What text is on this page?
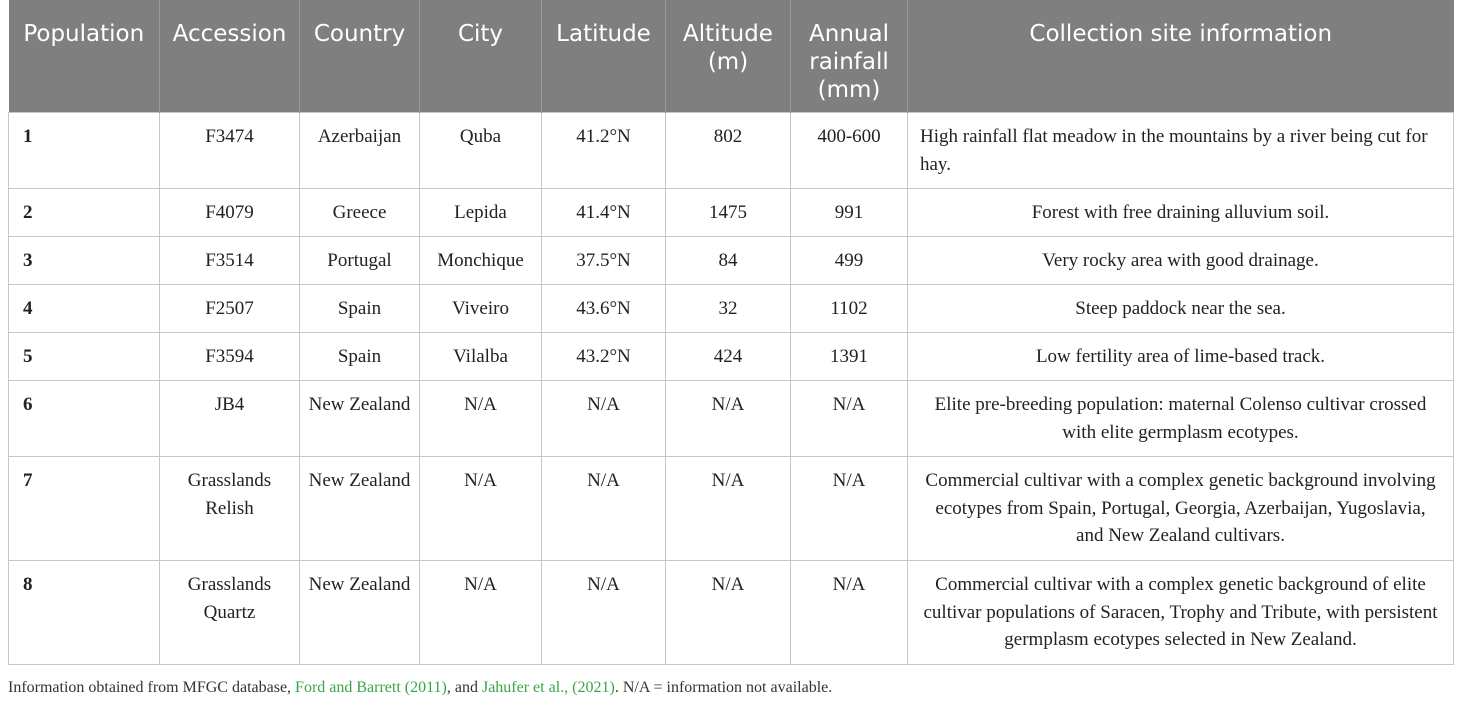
Population	Accession	Country	City	Latitude	Altitude (m)	Annual rainfall (mm)	Collection site information
1	F3474	Azerbaijan	Quba	41.2°N	802	400-600	High rainfall flat meadow in the mountains by a river being cut for hay.
2	F4079	Greece	Lepida	41.4°N	1475	991	Forest with free draining alluvium soil.
3	F3514	Portugal	Monchique	37.5°N	84	499	Very rocky area with good drainage.
4	F2507	Spain	Viveiro	43.6°N	32	1102	Steep paddock near the sea.
5	F3594	Spain	Vilalba	43.2°N	424	1391	Low fertility area of lime-based track.
6	JB4	New Zealand	N/A	N/A	N/A	N/A	Elite pre-breeding population: maternal Colenso cultivar crossed with elite germplasm ecotypes.
7	Grasslands Relish	New Zealand	N/A	N/A	N/A	N/A	Commercial cultivar with a complex genetic background involving ecotypes from Spain, Portugal, Georgia, Azerbaijan, Yugoslavia, and New Zealand cultivars.
8	Grasslands Quartz	New Zealand	N/A	N/A	N/A	N/A	Commercial cultivar with a complex genetic background of elite cultivar populations of Saracen, Trophy and Tribute, with persistent germplasm ecotypes selected in New Zealand.
Information obtained from MFGC database, Ford and Barrett (2011), and Jahufer et al., (2021). N/A = information not available.
